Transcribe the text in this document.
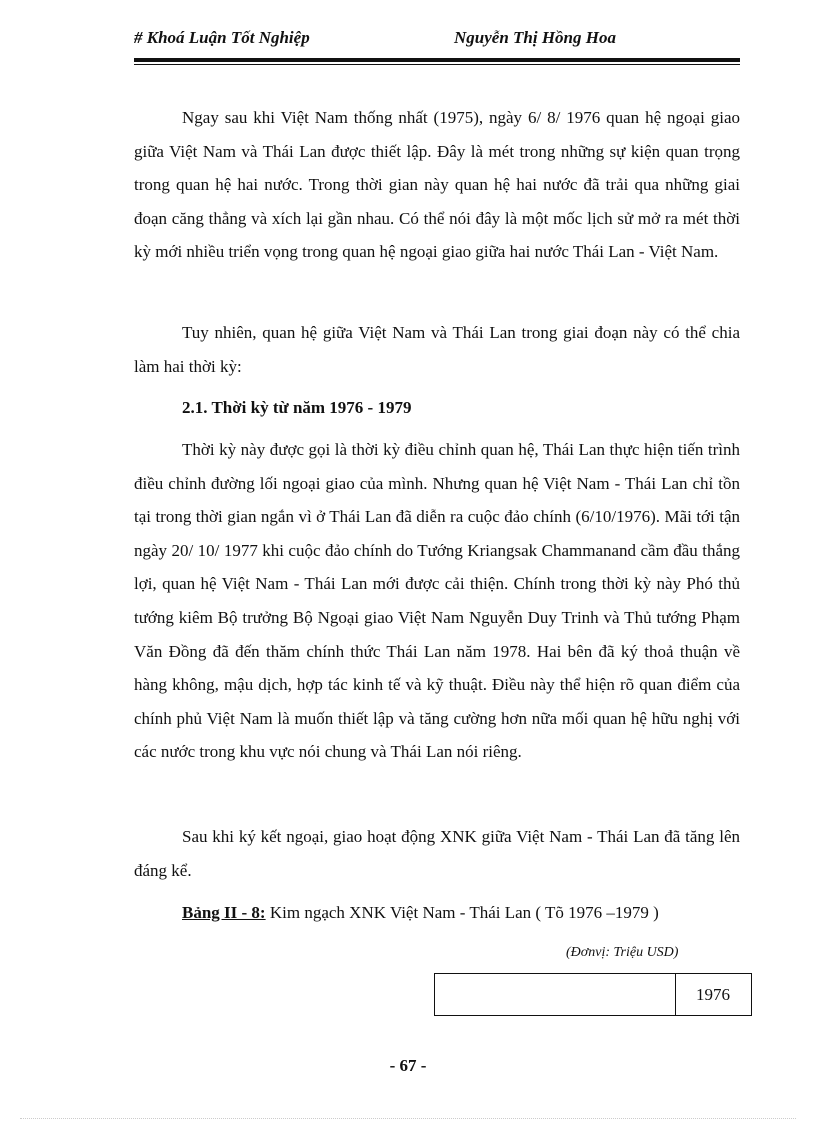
# Khoá Luận Tốt Nghiệp	Nguyễn Thị Hồng Hoa

Ngay sau khi Việt Nam thống nhất (1975), ngày 6/ 8/ 1976 quan hệ ngoại giao giữa Việt Nam và Thái Lan được thiết lập. Đây là mét trong những sự kiện quan trọng trong quan hệ hai nước. Trong thời gian này quan hệ hai nước đã trải qua những giai đoạn căng thẳng và xích lại gần nhau. Có thể nói đây là một mốc lịch sử mở ra mét thời kỳ mới nhiều triển vọng trong quan hệ ngoại giao giữa hai nước Thái Lan - Việt Nam.

Tuy nhiên, quan hệ giữa Việt Nam và Thái Lan trong giai đoạn này có thể chia làm hai thời kỳ:

2.1. Thời kỳ từ năm 1976 - 1979

Thời kỳ này được gọi là thời kỳ điều chỉnh quan hệ, Thái Lan thực hiện tiến trình điều chỉnh đường lối ngoại giao của mình. Nhưng quan hệ Việt Nam - Thái Lan chỉ tồn tại trong thời gian ngắn vì ở Thái Lan đã diễn ra cuộc đảo chính (6/10/1976). Mãi tới tận ngày 20/ 10/ 1977 khi cuộc đảo chính do Tướng Kriangsak Chammanand cầm đầu thắng lợi, quan hệ Việt Nam - Thái Lan mới được cải thiện. Chính trong thời kỳ này Phó thủ tướng kiêm Bộ trưởng Bộ Ngoại giao Việt Nam Nguyễn Duy Trinh và Thủ tướng Phạm Văn Đồng đã đến thăm chính thức Thái Lan năm 1978. Hai bên đã ký thoả thuận về hàng không, mậu dịch, hợp tác kinh tế và kỹ thuật. Điều này thể hiện rõ quan điểm của chính phủ Việt Nam là muốn thiết lập và tăng cường hơn nữa mối quan hệ hữu nghị với các nước trong khu vực nói chung và Thái Lan nói riêng.

Sau khi ký kết ngoại, giao hoạt động XNK giữa Việt Nam - Thái Lan đã tăng lên đáng kể.

Bảng II - 8: Kim ngạch XNK Việt Nam - Thái Lan ( Tõ 1976 –1979 )
(Đơnvị: Triệu USD)
1976
- 67 -
